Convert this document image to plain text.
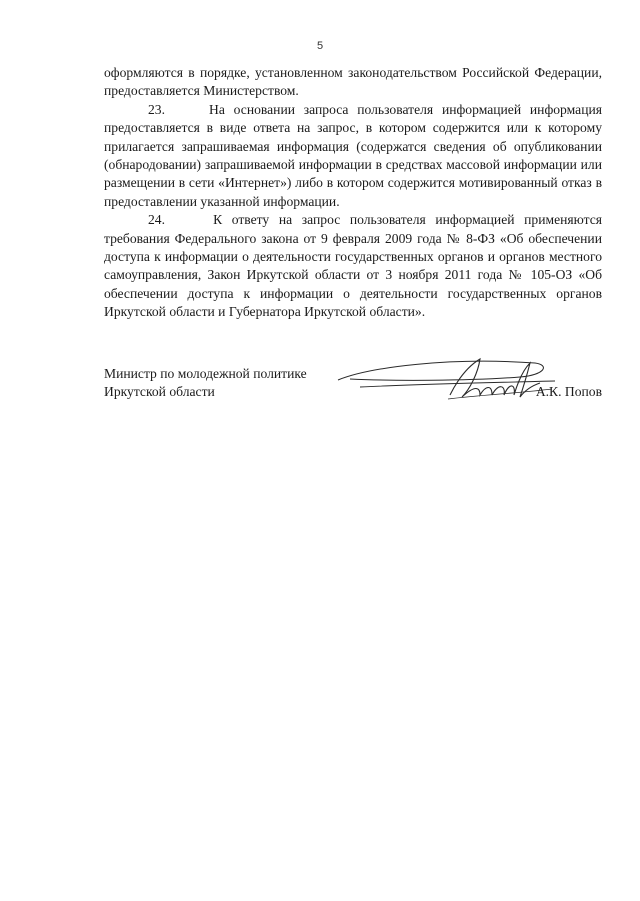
5

оформляются в порядке, установленном законодательством Российской Федерации, предоставляется Министерством.

23.     На основании запроса пользователя информацией информация предоставляется в виде ответа на запрос, в котором содержится или к которому прилагается запрашиваемая информация (содержатся сведения об опубликовании (обнародовании) запрашиваемой информации в средствах массовой информации или размещении в сети «Интернет») либо в котором содержится мотивированный отказ в предоставлении указанной информации.

24.     К ответу на запрос пользователя информацией применяются требования Федерального закона от 9 февраля 2009 года № 8-ФЗ «Об обеспечении доступа к информации о деятельности государственных органов и органов местного самоуправления, Закон Иркутской области от 3 ноября 2011 года № 105-ОЗ «Об обеспечении доступа к информации о деятельности государственных органов Иркутской области и Губернатора Иркутской области».

Министр по молодежной политике
Иркутской области	А.К. Попов
